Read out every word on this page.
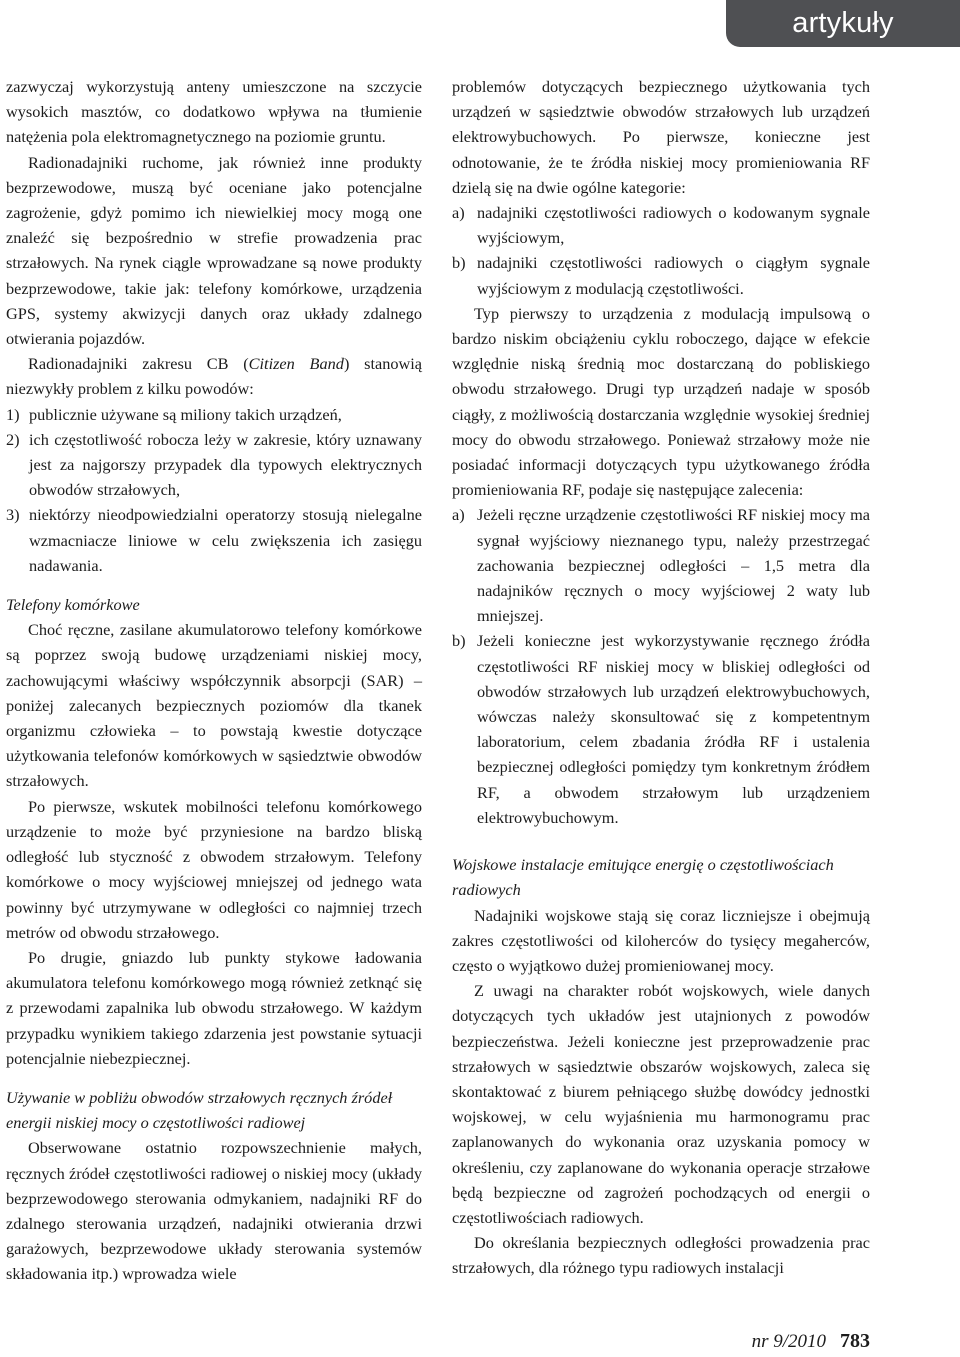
artykuły

zazwyczaj wykorzystują anteny umieszczone na szczycie wysokich masztów, co dodatkowo wpływa na tłumienie natężenia pola elektromagnetycznego na poziomie gruntu.

Radionadajniki ruchome, jak również inne produkty bezprzewodowe, muszą być oceniane jako potencjalne zagrożenie, gdyż pomimo ich niewielkiej mocy mogą one znaleźć się bezpośrednio w strefie prowadzenia prac strzałowych. Na rynek ciągle wprowadzane są nowe produkty bezprzewodowe, takie jak: telefony komórkowe, urządzenia GPS, systemy akwizycji danych oraz układy zdalnego otwierania pojazdów.

Radionadajniki zakresu CB (Citizen Band) stanowią niezwykły problem z kilku powodów:

1) publicznie używane są miliony takich urządzeń,
2) ich częstotliwość robocza leży w zakresie, który uznawany jest za najgorszy przypadek dla typowych elektrycznych obwodów strzałowych,
3) niektórzy nieodpowiedzialni operatorzy stosują nielegalne wzmacniacze liniowe w celu zwiększenia ich zasięgu nadawania.

Telefony komórkowe

Choć ręczne, zasilane akumulatorowo telefony komórkowe są poprzez swoją budowę urządzeniami niskiej mocy, zachowującymi właściwy współczynnik absorpcji (SAR) – poniżej zalecanych bezpiecznych poziomów dla tkanek organizmu człowieka – to powstają kwestie dotyczące użytkowania telefonów komórkowych w sąsiedztwie obwodów strzałowych.

Po pierwsze, wskutek mobilności telefonu komórkowego urządzenie to może być przyniesione na bardzo bliską odległość lub styczność z obwodem strzałowym. Telefony komórkowe o mocy wyjściowej mniejszej od jednego wata powinny być utrzymywane w odległości co najmniej trzech metrów od obwodu strzałowego.

Po drugie, gniazdo lub punkty stykowe ładowania akumulatora telefonu komórkowego mogą również zetknąć się z przewodami zapalnika lub obwodu strzałowego. W każdym przypadku wynikiem takiego zdarzenia jest powstanie sytuacji potencjalnie niebezpiecznej.

Używanie w pobliżu obwodów strzałowych ręcznych źródeł energii niskiej mocy o częstotliwości radiowej

Obserwowane ostatnio rozpowszechnienie małych, ręcznych źródeł częstotliwości radiowej o niskiej mocy (układy bezprzewodowego sterowania odmykaniem, nadajniki RF do zdalnego sterowania urządzeń, nadajniki otwierania drzwi garażowych, bezprzewodowe układy sterowania systemów składowania itp.) wprowadza wiele

problemów dotyczących bezpiecznego użytkowania tych urządzeń w sąsiedztwie obwodów strzałowych lub urządzeń elektrowybuchowych. Po pierwsze, konieczne jest odnotowanie, że te źródła niskiej mocy promieniowania RF dzielą się na dwie ogólne kategorie:

a) nadajniki częstotliwości radiowych o kodowanym sygnale wyjściowym,
b) nadajniki częstotliwości radiowych o ciągłym sygnale wyjściowym z modulacją częstotliwości.

Typ pierwszy to urządzenia z modulacją impulsową o bardzo niskim obciążeniu cyklu roboczego, dające w efekcie względnie niską średnią moc dostarczaną do pobliskiego obwodu strzałowego. Drugi typ urządzeń nadaje w sposób ciągły, z możliwością dostarczania względnie wysokiej średniej mocy do obwodu strzałowego. Ponieważ strzałowy może nie posiadać informacji dotyczących typu użytkowanego źródła promieniowania RF, podaje się następujące zalecenia:

a) Jeżeli ręczne urządzenie częstotliwości RF niskiej mocy ma sygnał wyjściowy nieznanego typu, należy przestrzegać zachowania bezpiecznej odległości – 1,5 metra dla nadajników ręcznych o mocy wyjściowej 2 waty lub mniejszej.
b) Jeżeli konieczne jest wykorzystywanie ręcznego źródła częstotliwości RF niskiej mocy w bliskiej odległości od obwodów strzałowych lub urządzeń elektrowybuchowych, wówczas należy skonsultować się z kompetentnym laboratorium, celem zbadania źródła RF i ustalenia bezpiecznej odległości pomiędzy tym konkretnym źródłem RF, a obwodem strzałowym lub urządzeniem elektrowybuchowym.

Wojskowe instalacje emitujące energię o częstotliwościach radiowych

Nadajniki wojskowe stają się coraz liczniejsze i obejmują zakres częstotliwości od kiloherców do tysięcy megaherców, często o wyjątkowo dużej promieniowanej mocy.

Z uwagi na charakter robót wojskowych, wiele danych dotyczących tych układów jest utajnionych z powodów bezpieczeństwa. Jeżeli konieczne jest przeprowadzenie prac strzałowych w sąsiedztwie obszarów wojskowych, zaleca się skontaktować z biurem pełniącego służbę dowódcy jednostki wojskowej, w celu wyjaśnienia mu harmonogramu prac zaplanowanych do wykonania oraz uzyskania pomocy w określeniu, czy zaplanowane do wykonania operacje strzałowe będą bezpieczne od zagrożeń pochodzących od energii o częstotliwościach radiowych.

Do określania bezpiecznych odległości prowadzenia prac strzałowych, dla różnego typu radiowych instalacji

nr 9/2010 783
